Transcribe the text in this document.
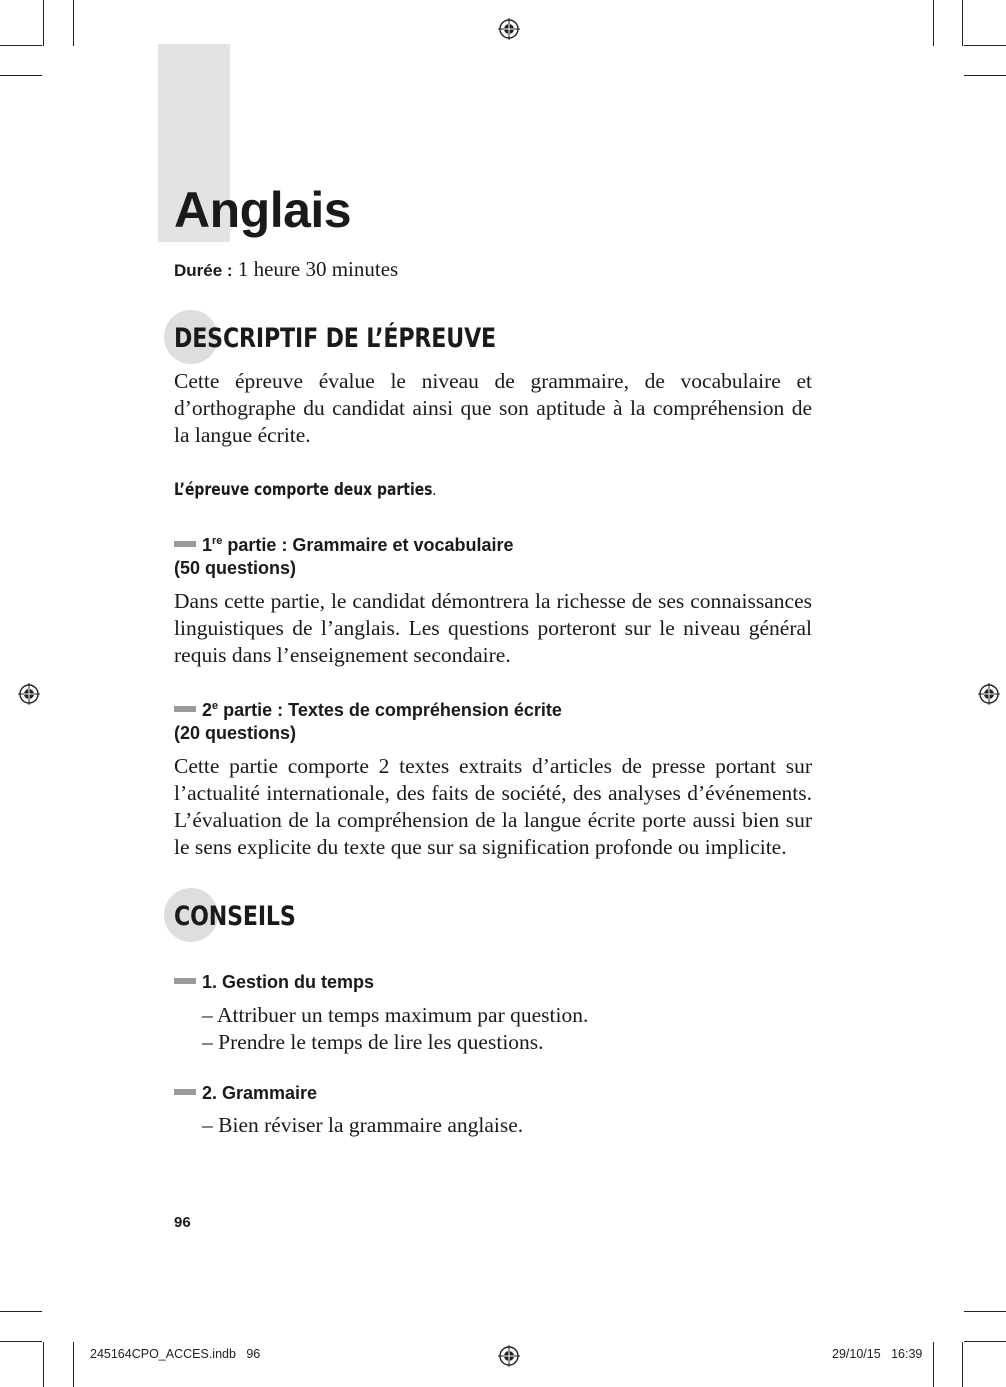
Anglais
Durée : 1 heure 30 minutes
DESCRIPTIF DE L’ÉPREUVE

Cette épreuve évalue le niveau de grammaire, de vocabulaire et d’orthographe du candidat ainsi que son aptitude à la compréhension de la langue écrite.

L’épreuve comporte deux parties.
1re partie : Grammaire et vocabulaire
(50 questions)

Dans cette partie, le candidat démontrera la richesse de ses connaissances linguistiques de l’anglais. Les questions porteront sur le niveau général requis dans l’enseignement secondaire.

2e partie : Textes de compréhension écrite
(20 questions)

Cette partie comporte 2 textes extraits d’articles de presse portant sur l’actualité internationale, des faits de société, des analyses d’événements. L’évaluation de la compréhension de la langue écrite porte aussi bien sur le sens explicite du texte que sur sa signification profonde ou implicite.

CONSEILS
1. Gestion du temps

– Attribuer un temps maximum par question.

– Prendre le temps de lire les questions.

2. Grammaire

– Bien réviser la grammaire anglaise.

96
245164CPO_ACCES.indb   96	29/10/15   16:39
